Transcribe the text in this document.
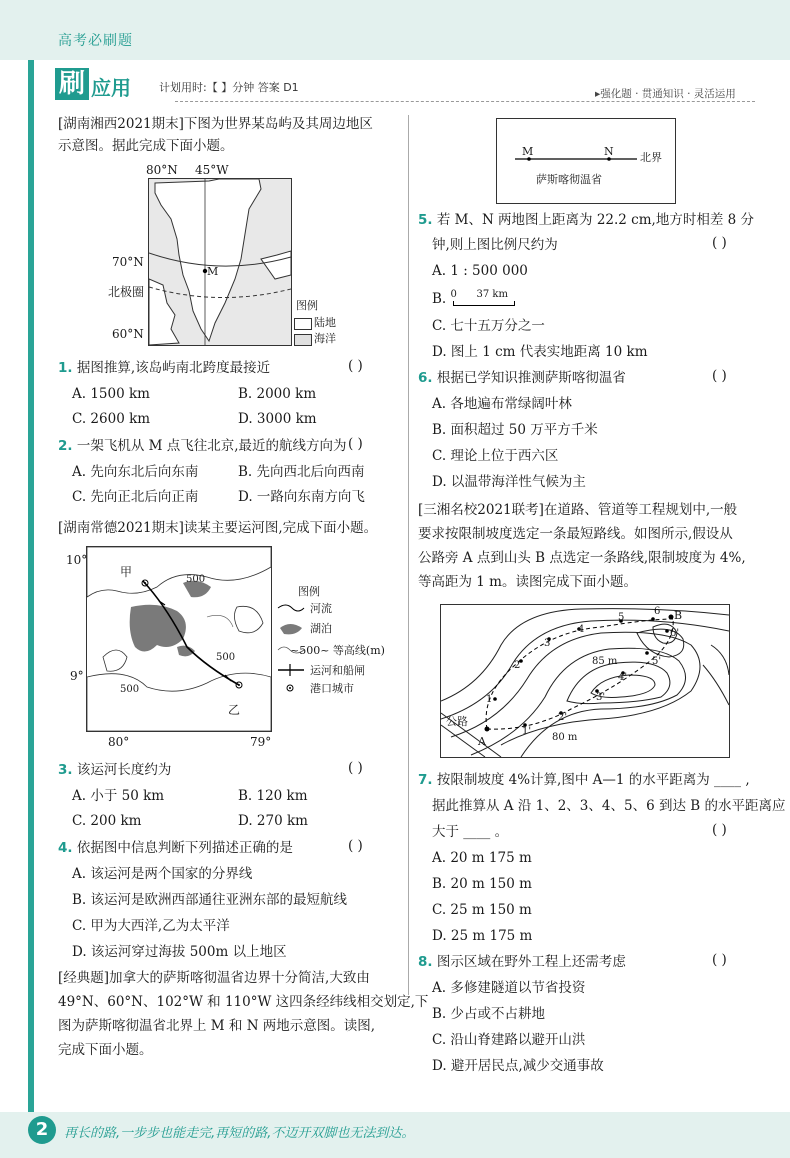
高考必刷题
刷 应用	计划用时:【 】分钟 答案 D1	▸强化题 · 贯通知识 · 灵活运用
[湖南湘西2021期末]下图为世界某岛屿及其周边地区
示意图。据此完成下面小题。
80°N 45°W
70°N
北极圈
60°N
M
图例
陆地
海洋
1. 据图推算,该岛屿南北跨度最接近	( )
A. 1500 km	B. 2000 km
C. 2600 km	D. 3000 km
2. 一架飞机从 M 点飞往北京,最近的航线方向为 ( )
A. 先向东北后向东南	B. 先向西北后向西南
C. 先向正北后向正南	D. 一路向东南方向飞
[湖南常德2021期末]读某主要运河图,完成下面小题。
10°
9°
80°	79°
甲
乙
500
500
500
图例
河流
湖泊
~500~ 等高线(m)
运河和船闸
港口城市
3. 该运河长度约为	( )
A. 小于 50 km	B. 120 km
C. 200 km	D. 270 km
4. 依据图中信息判断下列描述正确的是	( )
A. 该运河是两个国家的分界线
B. 该运河是欧洲西部通往亚洲东部的最短航线
C. 甲为大西洋,乙为太平洋
D. 该运河穿过海拔 500m 以上地区
[经典题]加拿大的萨斯喀彻温省边界十分简洁,大致由
49°N、60°N、102°W 和 110°W 这四条经纬线相交划定,下
图为萨斯喀彻温省北界上 M 和 N 两地示意图。读图,
完成下面小题。
M	N 北界
萨斯喀彻温省
5. 若 M、N 两地图上距离为 22.2 cm,地方时相差 8 分
钟,则上图比例尺约为	( )
A. 1 : 500 000
B. 0 37 km
C. 七十五万分之一
D. 图上 1 cm 代表实地距离 10 km
6. 根据已学知识推测萨斯喀彻温省	( )
A. 各地遍布常绿阔叶林
B. 面积超过 50 万平方千米
C. 理论上位于西六区
D. 以温带海洋性气候为主
[三湘名校2021联考]在道路、管道等工程规划中,一般
要求按限制坡度选定一条最短路线。如图所示,假设从
公路旁 A 点到山头 B 点选定一条路线,限制坡度为 4%,
等高距为 1 m。读图完成下面小题。
公路
A
B
85 m
80 m
1
2
3
4
5
6
1'
2'
3'
4'
5'
6'
7. 按限制坡度 4%计算,图中 A—1 的水平距离为 ____ ,
据此推算从 A 沿 1、2、3、4、5、6 到达 B 的水平距离应
大于 ____ 。	( )
A. 20 m 175 m
B. 20 m 150 m
C. 25 m 150 m
D. 25 m 175 m
8. 图示区域在野外工程上还需考虑	( )
A. 多修建隧道以节省投资
B. 少占或不占耕地
C. 沿山脊建路以避开山洪
D. 避开居民点,减少交通事故
2	再长的路,一步步也能走完,再短的路,不迈开双脚也无法到达。
